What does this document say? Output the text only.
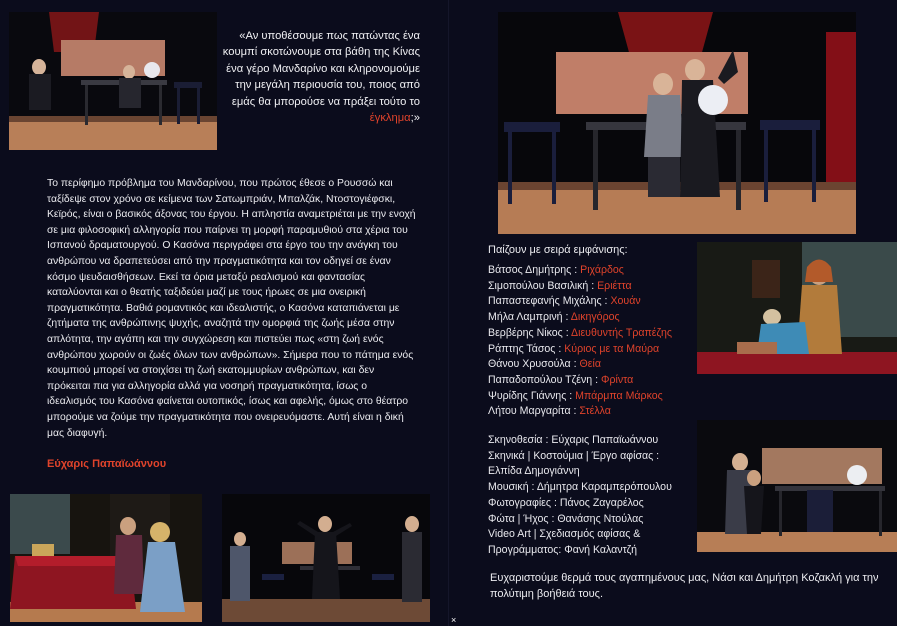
«Αν υποθέσουμε πως πατώντας ένα κουμπί σκοτώνουμε στα βάθη της Κίνας ένα γέρο Μανδαρίνο και κληρονομούμε την μεγάλη περιουσία του, ποιος από εμάς θα μπορούσε να πράξει τούτο το έγκλημα;»

Το περίφημο πρόβλημα του Μανδαρίνου, που πρώτος έθεσε ο Ρουσσώ και ταξίδεψε στον χρόνο σε κείμενα των Σατωμπριάν, Μπαλζάκ, Ντοστογιέφσκι, Κεϊρός, είναι ο βασικός άξονας του έργου. Η απληστία αναμετριέται με την ενοχή σε μια φιλοσοφική αλληγορία που παίρνει τη μορφή παραμυθιού στα χέρια του Ισπανού δραματουργού. Ο Κασόνα περιγράφει στα έργο του την ανάγκη του ανθρώπου να δραπετεύσει από την πραγματικότητα και τον οδηγεί σε έναν κόσμο ψευδαισθήσεων. Εκεί τα όρια μεταξύ ρεαλισμού και φαντασίας καταλύονται και ο θεατής ταξιδεύει μαζί με τους ήρωες σε μια ονειρική πραγματικότητα. Βαθιά ρομαντικός και ιδεαλιστής, ο Κασόνα καταπιάνεται με ζητήματα της ανθρώπινης ψυχής, αναζητά την ομορφιά της ζωής μέσα στην απλότητα, την αγάπη και την συγχώρεση και πιστεύει πως «στη ζωή ενός ανθρώπου χωρούν οι ζωές όλων των ανθρώπων». Σήμερα που το πάτημα ενός κουμπιού μπορεί να στοιχίσει τη ζωή εκατομμυρίων ανθρώπων, και δεν πρόκειται πια για αλληγορία αλλά για νοσηρή πραγματικότητα, ίσως ο ιδεαλισμός του Κασόνα φαίνεται ουτοπικός, ίσως και αφελής, όμως στο θέατρο μπορούμε να ζούμε την πραγματικότητα που ονειρευόμαστε. Αυτή είναι η δική μας διαφυγή.

Εύχαρις Παπαϊωάννου
Παίζουν με σειρά εμφάνισης:
Βάτσος Δημήτρης : Ριχάρδος
Σιμοπούλου Βασιλική : Εριέττα
Παπαστεφανής Μιχάλης : Χουάν
Μήλα Λαμπρινή : Δικηγόρος
Βερβέρης Νίκος : Διευθυντής Τραπέζης
Ράπτης Τάσος : Κύριος με τα Μαύρα
Θάνου Χρυσούλα : Θεία
Παπαδοπούλου Τζένη : Φρίντα
Ψυρίδης Γιάννης : Μπάρμπα Μάρκος
Λήτου Μαργαρίτα : Στέλλα
Σκηνοθεσία : Εύχαρις Παπαϊωάννου
Σκηνικά | Κοστούμια | Έργο αφίσας :
Ελπίδα Δημογιάννη
Μουσική : Δήμητρα Καραμπερόπουλου
Φωτογραφίες : Πάνος Ζαγαρέλος
Φώτα | Ήχος : Θανάσης Ντούλας
Video Art | Σχεδιασμός αφίσας &
Προγράμματος: Φανή Καλαντζή
Ευχαριστούμε θερμά τους αγαπημένους μας, Νάσι και Δημήτρη Κοζακλή για την πολύτιμη βοήθειά τους.
×
